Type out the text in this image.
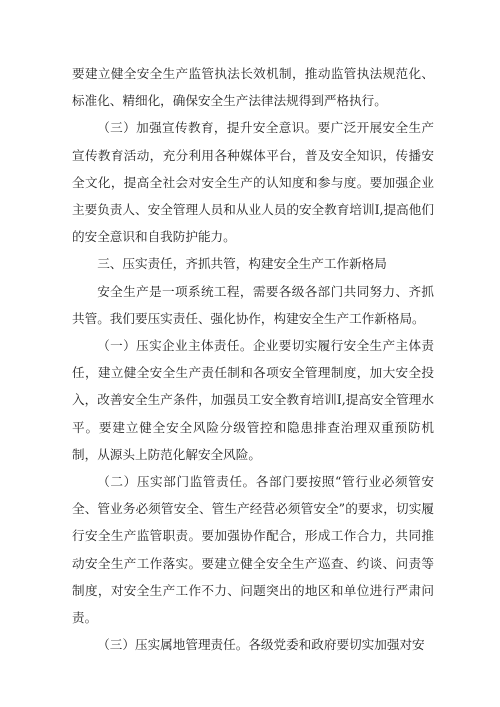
要建立健全安全生产监管执法长效机制，推动监管执法规范化、标准化、精细化，确保安全生产法律法规得到严格执行。

（三）加强宣传教育，提升安全意识。要广泛开展安全生产宣传教育活动，充分利用各种媒体平台，普及安全知识，传播安全文化，提高全社会对安全生产的认知度和参与度。要加强企业主要负责人、安全管理人员和从业人员的安全教育培训I,提高他们的安全意识和自我防护能力。

三、压实责任，齐抓共管，构建安全生产工作新格局

安全生产是一项系统工程，需要各级各部门共同努力、齐抓共管。我们要压实责任、强化协作，构建安全生产工作新格局。

（一）压实企业主体责任。企业要切实履行安全生产主体责任，建立健全安全生产责任制和各项安全管理制度，加大安全投入，改善安全生产条件，加强员工安全教育培训I,提高安全管理水平。要建立健全安全风险分级管控和隐患排查治理双重预防机制，从源头上防范化解安全风险。

（二）压实部门监管责任。各部门要按照“管行业必须管安全、管业务必须管安全、管生产经营必须管安全”的要求，切实履行安全生产监管职责。要加强协作配合，形成工作合力，共同推动安全生产工作落实。要建立健全安全生产巡查、约谈、问责等制度，对安全生产工作不力、问题突出的地区和单位进行严肃问责。

（三）压实属地管理责任。各级党委和政府要切实加强对安
